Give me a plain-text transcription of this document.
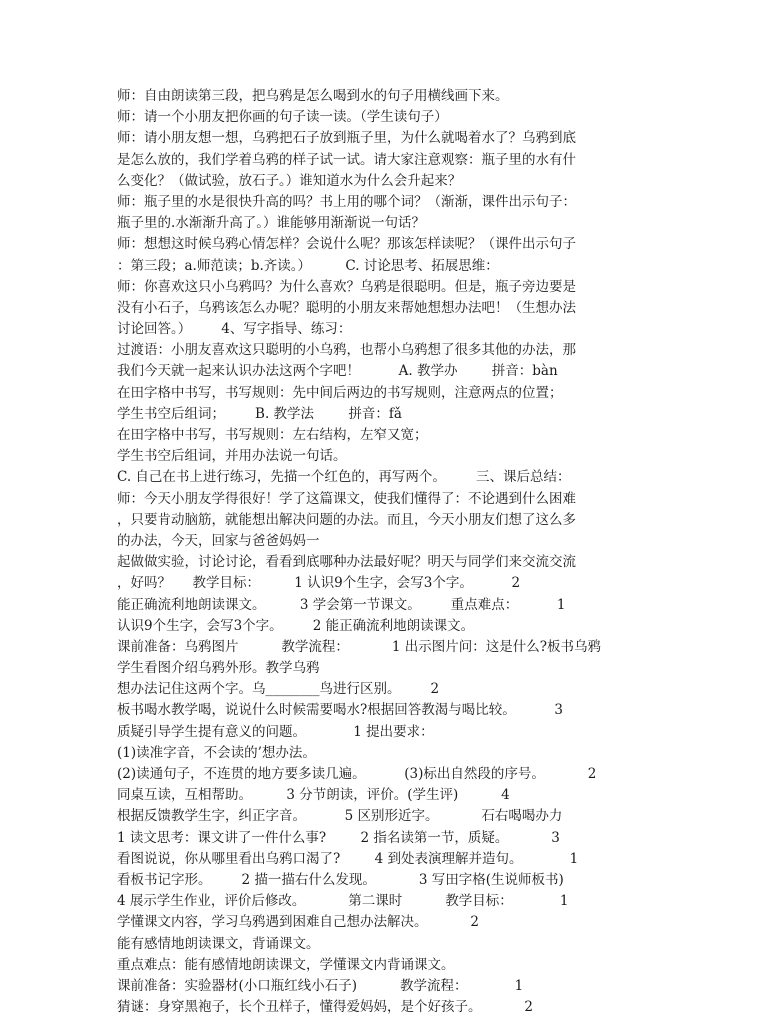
师：自由朗读第三段，把乌鸦是怎么喝到水的句子用横线画下来。
师：请一个小朋友把你画的句子读一读。（学生读句子）
师：请小朋友想一想，乌鸦把石子放到瓶子里，为什么就喝着水了？乌鸦到底
是怎么放的，我们学着乌鸦的样子试一试。请大家注意观察：瓶子里的水有什
么变化？（做试验，放石子。）谁知道水为什么会升起来？
师：瓶子里的水是很快升高的吗？书上用的哪个词？（渐渐，课件出示句子：
瓶子里的.水渐渐升高了。）谁能够用渐渐说一句话？
师：想想这时候乌鸦心情怎样？会说什么呢？那该怎样读呢？（课件出示句子
：第三段；a.师范读；b.齐读。）        C. 讨论思考、拓展思维：
师：你喜欢这只小乌鸦吗？为什么喜欢？乌鸦是很聪明。但是，瓶子旁边要是
没有小石子，乌鸦该怎么办呢？聪明的小朋友来帮她想想办法吧！（生想办法
讨论回答。）       4、写字指导、练习：
过渡语：小朋友喜欢这只聪明的小乌鸦，也帮小乌鸦想了很多其他的办法，那
我们今天就一起来认识办法这两个字吧！         A. 教学办        拼音：bàn
在田字格中书写，书写规则：先中间后两边的书写规则，注意两点的位置；
学生书空后组词；       B. 教学法        拼音：fǎ
在田字格中书写，书写规则：左右结构，左窄又宽；
学生书空后组词，并用办法说一句话。
C. 自己在书上进行练习，先描一个红色的，再写两个。       三、课后总结：
师：今天小朋友学得很好！学了这篇课文，使我们懂得了：不论遇到什么困难
，只要肯动脑筋，就能想出解决问题的办法。而且，今天小朋友们想了这么多
的办法，今天，回家与爸爸妈妈一
起做做实验，讨论讨论，看看到底哪种办法最好呢？明天与同学们来交流交流
，好吗？     教学目标：        1 认识9个生字，会写3个字。         2
能正确流利地朗读课文。        3 学会第一节课文。       重点难点：         1
认识9个生字，会写3个字。       2 能正确流利地朗读课文。
课前准备：乌鸦图片          教学流程：          1 出示图片问：这是什么?板书乌鸦
学生看图介绍乌鸦外形。教学乌鸦
想办法记住这两个字。乌________鸟进行区别。       2
板书喝水教学喝，说说什么时候需要喝水?根据回答教渴与喝比较。         3
质疑引导学生提有意义的问题。           1 提出要求：
(1)读准字音，不会读的’想办法。
(2)读通句子，不连贯的地方要多读几遍。         (3)标出自然段的序号。          2
同桌互读，互相帮助。        3 分节朗读，评价。(学生评)          4
根据反馈教学生字，纠正字音。         5 区别形近字。          石右喝喝办力
1 读文思考：课文讲了一件什么事?        2 指名读第一节，质疑。          3
看图说说，你从哪里看出乌鸦口渴了?        4 到处表演理解并造句。           1
看板书记字形。       2 描一描右什么发现。          3 写田字格(生说师板书)
4 展示学生作业，评价后修改。          第二课时          教学目标：           1
学懂课文内容，学习乌鸦遇到困难自己想办法解决。          2
能有感情地朗读课文，背诵课文。
重点难点：能有感情地朗读课文，学懂课文内背诵课文。
课前准备：实验器材(小口瓶红线小石子)          教学流程：           1
猜谜：身穿黑袍子，长个丑样子，懂得爱妈妈，是个好孩子。          2
